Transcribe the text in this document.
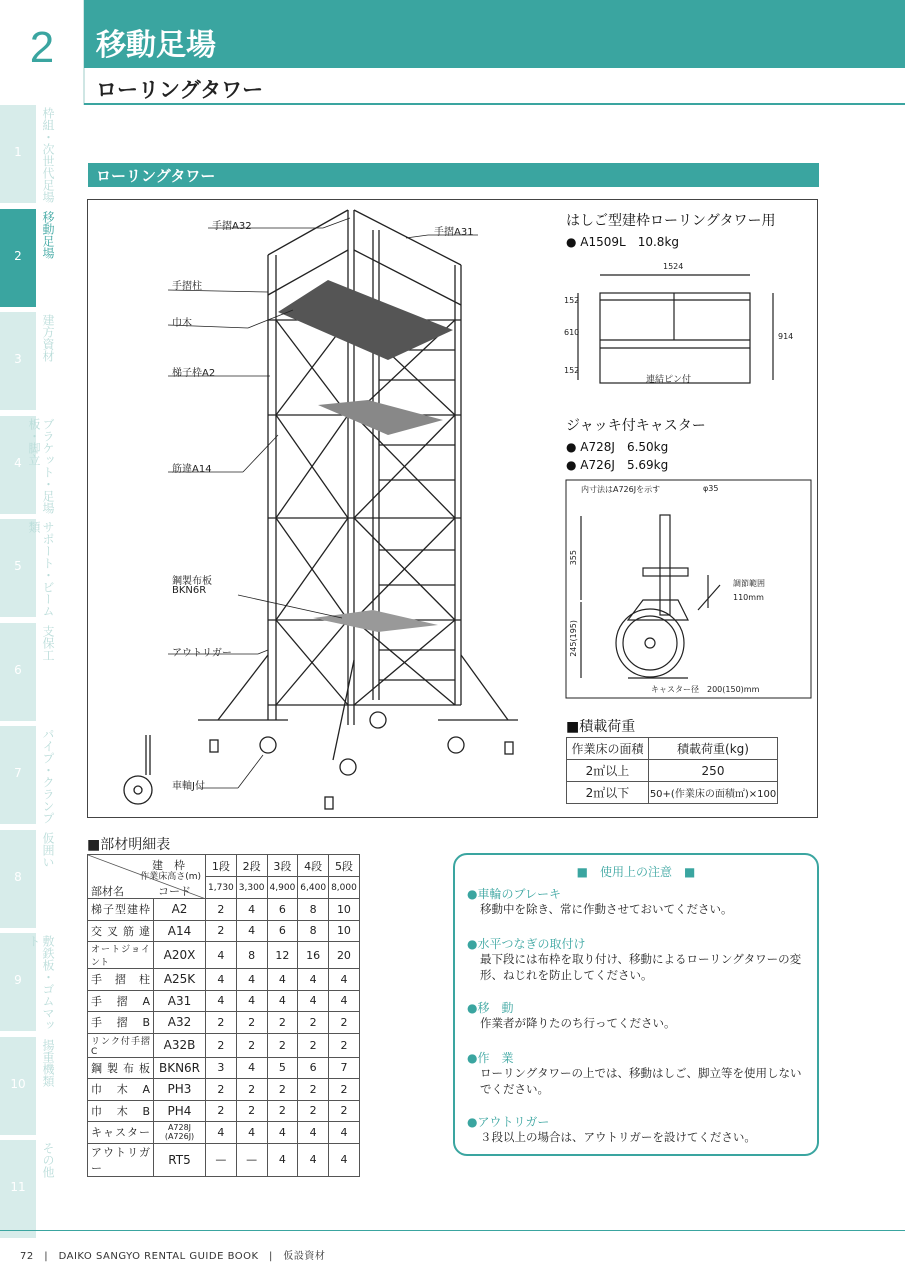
2	移動足場
ローリングタワー
1	枠組・次世代足場
2	移動足場
3	建方資材
4	ブラケット・足場板・脚立
5	サポート・ビーム類
6
支保工
7	パイプ・クランプ
8
仮囲い
9	敷鉄板・ゴムマット
10	揚重機類
11
その他
ローリングタワー
手摺A32
手摺A31
手摺柱
巾木
梯子枠A2
筋違A14
鋼製布板
BKN6R
アウトリガー
車軸J付
はしご型建枠ローリングタワー用
● A1509L　10.8kg
1524
152
610
152
914
連結ピン付
ジャッキ付キャスター
● A728J　6.50kg
● A726J　5.69kg
内寸法はA726Jを示す	φ35
355
245(195)
調節範囲
110mm
キャスター径　200(150)mm
■積載荷重
作業床の面積	積載荷重(kg)
2㎡以上	250
2㎡以下	50+(作業床の面積㎡)×100
■部材明細表
建　枠
作業床高さ(m)
部材名 コード		1段	2段	3段	4段	5段
		1,730	3,300	4,900	6,400	8,000
梯子型建枠	A2	2	4	6	8	10
交叉筋違	A14	2	4	6	8	10
オートジョイント	A20X	4	8	12	16	20
手摺柱	A25K	4	4	4	4	4
手摺A	A31	4	4	4	4	4
手摺B	A32	2	2	2	2	2
リンク付手摺C	A32B	2	2	2	2	2
鋼製布板	BKN6R	3	4	5	6	7
巾木A	PH3	2	2	2	2	2
巾木B	PH4	2	2	2	2	2
キャスター	A728J (A726J)	4	4	4	4	4
アウトリガー	RT5	—	—	4	4	4
■　使用上の注意　■
●車輪のブレーキ
移動中を除き、常に作動させておいてください。
●水平つなぎの取付け
最下段には布枠を取り付け、移動によるローリングタワーの変形、ねじれを防止してください。
●移　動
作業者が降りたのち行ってください。
●作　業
ローリングタワーの上では、移動はしご、脚立等を使用しないでください。
●アウトリガー
３段以上の場合は、アウトリガーを設けてください。
72　|　DAIKO SANGYO RENTAL GUIDE BOOK　|　仮設資材
